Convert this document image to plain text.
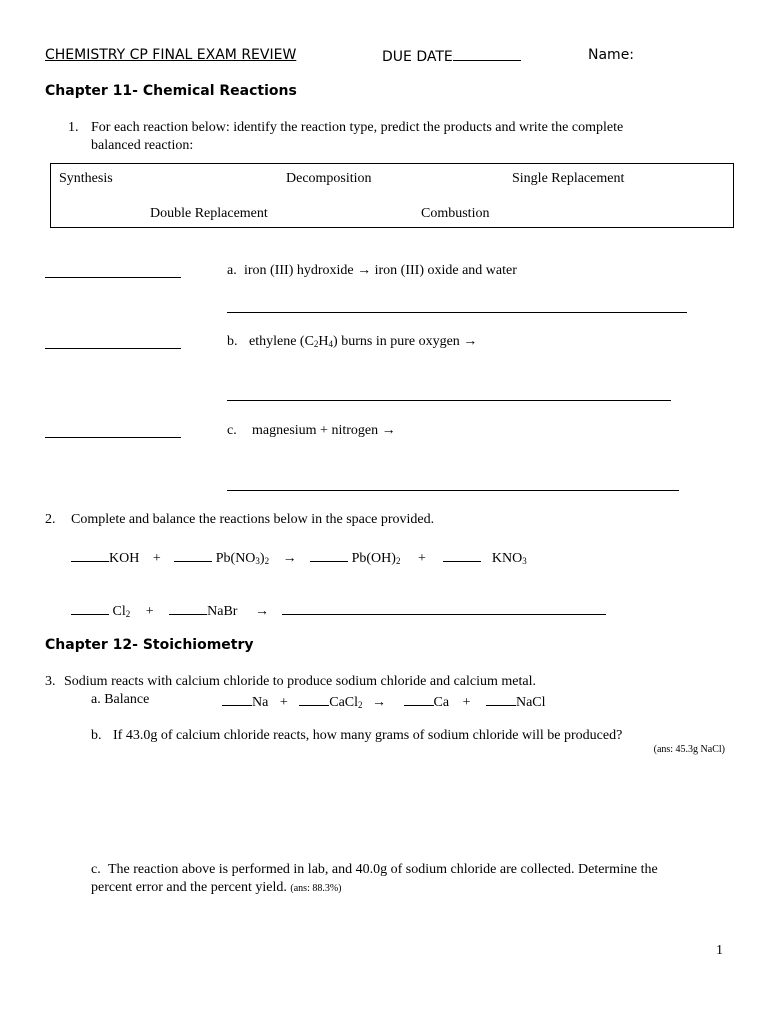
CHEMISTRY CP FINAL EXAM REVIEW	DUE DATE	Name:
Chapter 11- Chemical Reactions
1. For each reaction below: identify the reaction type, predict the products and write the complete
balanced reaction:
Synthesis	Decomposition	Single Replacement
Double Replacement	Combustion
a. iron (III) hydroxide → iron (III) oxide and water
b. ethylene $(C_2H_4)$ burns in pure oxygen →
c. magnesium + nitrogen →
2. Complete and balance the reactions below in the space provided.
KOH +	$Pb(NO_3)_2$ →	$Pb(OH)_2$ +	$KNO_3$
$Cl_2$ +	NaBr →
Chapter 12- Stoichiometry
3. Sodium reacts with calcium chloride to produce sodium chloride and calcium metal.
a. Balance	Na +	CaCl$_2$ →	Ca +	NaCl
b. If 43.0g of calcium chloride reacts, how many grams of sodium chloride will be produced?
(ans: 45.3g NaCl)
c. The reaction above is performed in lab, and 40.0g of sodium chloride are collected. Determine the
percent error and the percent yield. (ans: 88.3%)
1
